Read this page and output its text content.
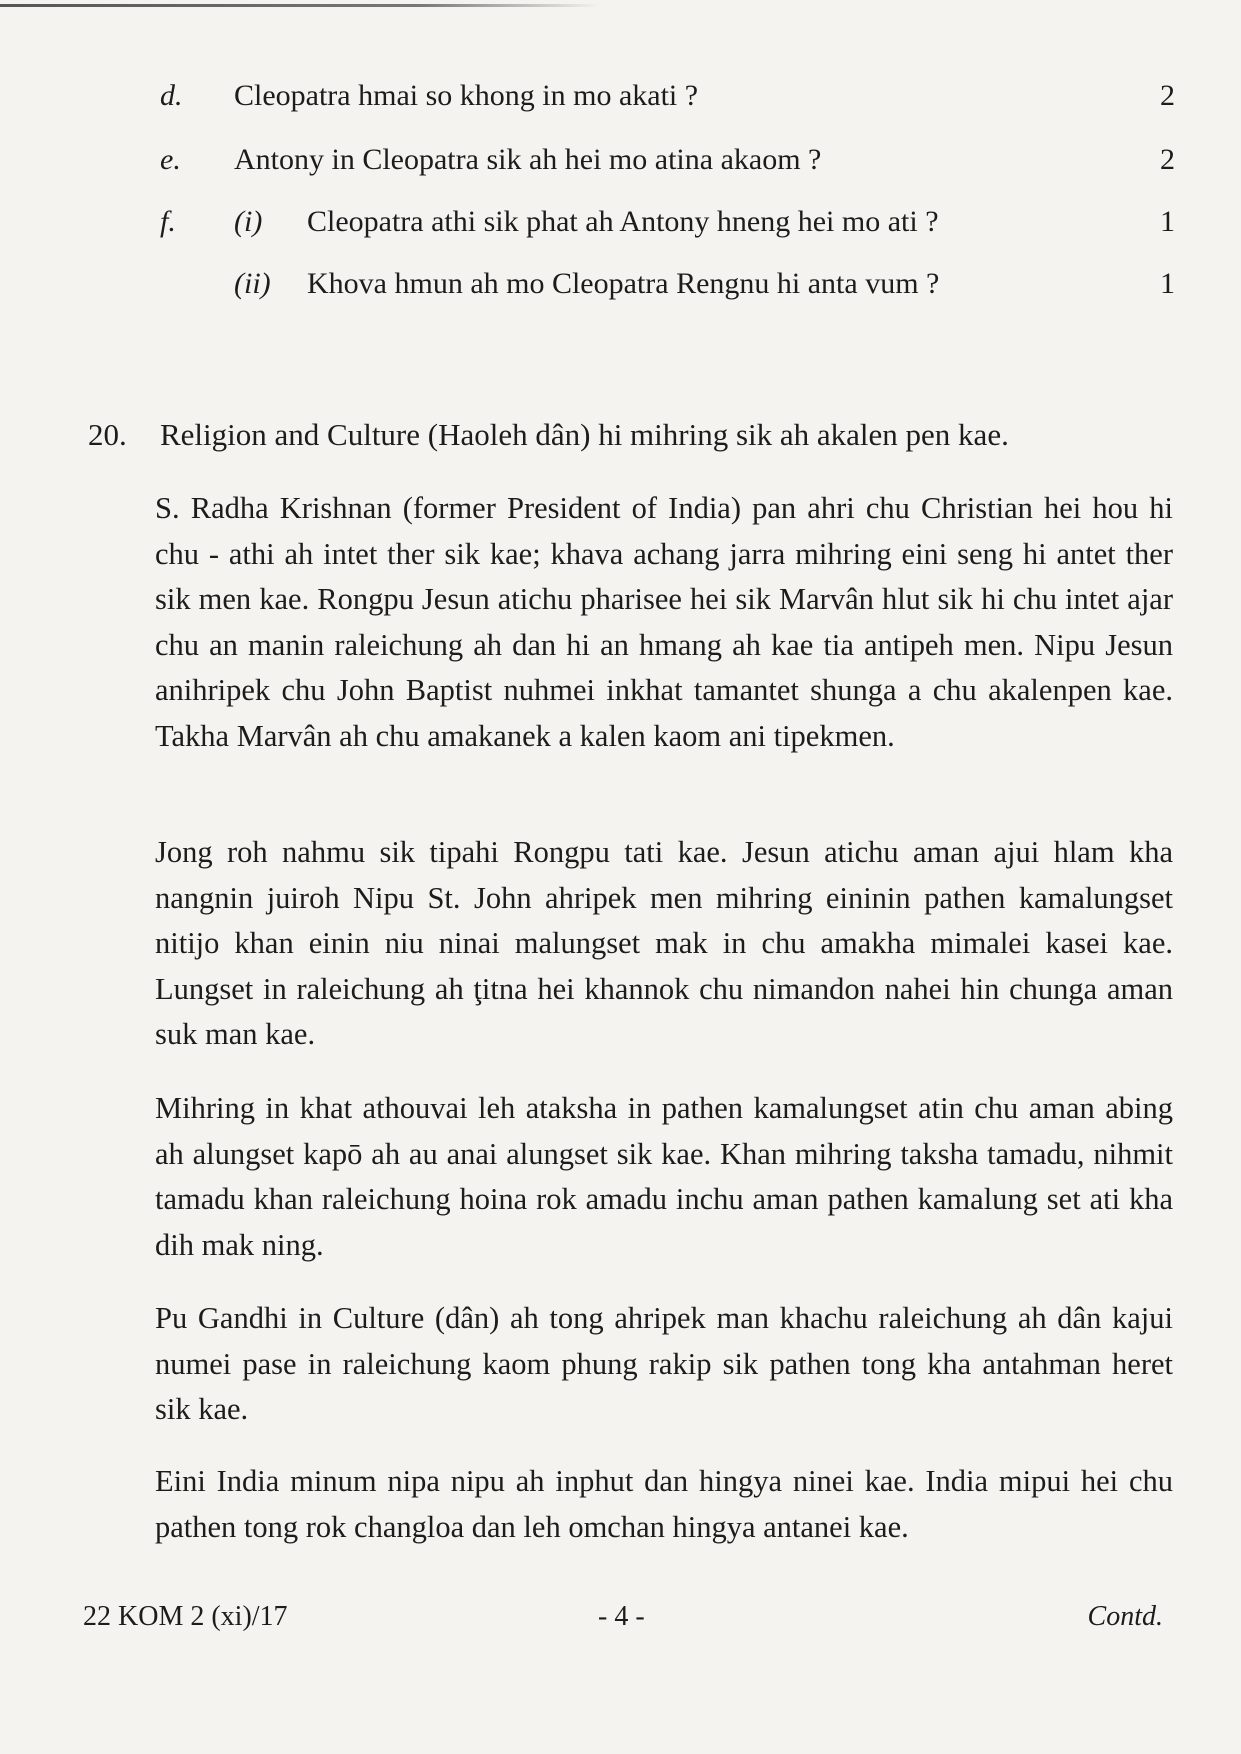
d. Cleopatra hmai so khong in mo akati ?	2
e. Antony in Cleopatra sik ah hei mo atina akaom ?	2
f. (i) Cleopatra athi sik phat ah Antony hneng hei mo ati ?	1
(ii) Khova hmun ah mo Cleopatra Rengnu hi anta vum ?	1
20. Religion and Culture (Haoleh dân) hi mihring sik ah akalen pen kae.

S. Radha Krishnan (former President of India) pan ahri chu Christian hei hou hi chu - athi ah intet ther sik kae; khava achang jarra mihring eini seng hi antet ther sik men kae. Rongpu Jesun atichu pharisee hei sik Marvân hlut sik hi chu intet ajar chu an manin raleichung ah dan hi an hmang ah kae tia antipeh men. Nipu Jesun anihripek chu John Baptist nuhmei inkhat tamantet shunga a chu akalenpen kae. Takha Marvân ah chu amakanek a kalen kaom ani tipekmen.

Jong roh nahmu sik tipahi Rongpu tati kae. Jesun atichu aman ajui hlam kha nangnin juiroh Nipu St. John ahripek men mihring eininin pathen kamalungset nitijo khan einin niu ninai malungset mak in chu amakha mimalei kasei kae. Lungset in raleichung ah ţitna hei khannok chu nimandon nahei hin chunga aman suk man kae.

Mihring in khat athouvai leh ataksha in pathen kamalungset atin chu aman abing ah alungset kapō ah au anai alungset sik kae. Khan mihring taksha tamadu, nihmit tamadu khan raleichung hoina rok amadu inchu aman pathen kamalung set ati kha dih mak ning.

Pu Gandhi in Culture (dân) ah tong ahripek man khachu raleichung ah dân kajui numei pase in raleichung kaom phung rakip sik pathen tong kha antahman heret sik kae.

Eini India minum nipa nipu ah inphut dan hingya ninei kae. India mipui hei chu pathen tong rok changloa dan leh omchan hingya antanei kae.

22 KOM 2 (xi)/17	- 4 -	Contd.
